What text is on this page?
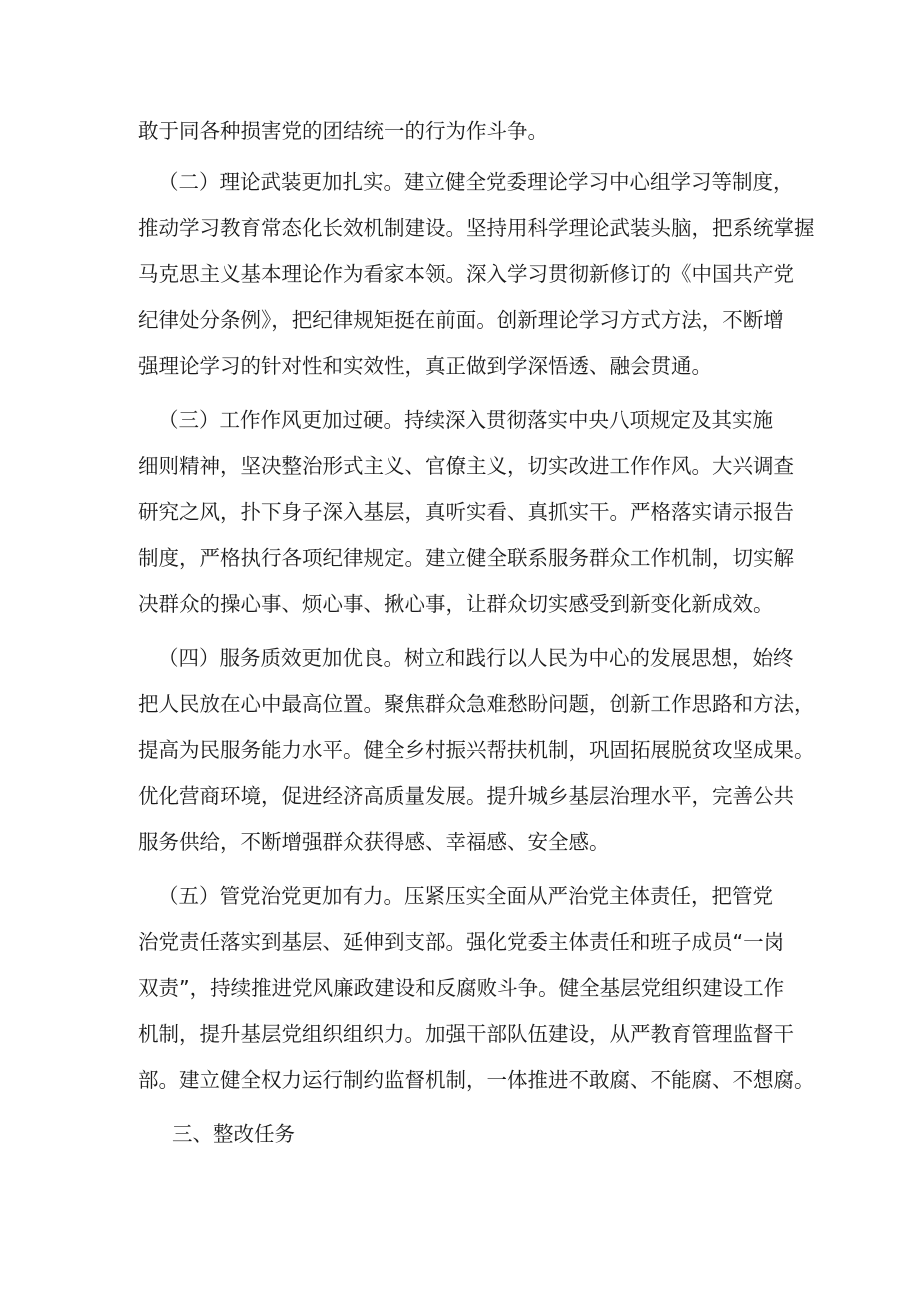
敢于同各种损害党的团结统一的行为作斗争。
（二）理论武装更加扎实。建立健全党委理论学习中心组学习等制度，
推动学习教育常态化长效机制建设。坚持用科学理论武装头脑，把系统掌握
马克思主义基本理论作为看家本领。深入学习贯彻新修订的《中国共产党
纪律处分条例》，把纪律规矩挺在前面。创新理论学习方式方法，不断增
强理论学习的针对性和实效性，真正做到学深悟透、融会贯通。
（三）工作作风更加过硬。持续深入贯彻落实中央八项规定及其实施
细则精神，坚决整治形式主义、官僚主义，切实改进工作作风。大兴调查
研究之风，扑下身子深入基层，真听实看、真抓实干。严格落实请示报告
制度，严格执行各项纪律规定。建立健全联系服务群众工作机制，切实解
决群众的操心事、烦心事、揪心事，让群众切实感受到新变化新成效。
（四）服务质效更加优良。树立和践行以人民为中心的发展思想，始终
把人民放在心中最高位置。聚焦群众急难愁盼问题，创新工作思路和方法，
提高为民服务能力水平。健全乡村振兴帮扶机制，巩固拓展脱贫攻坚成果。
优化营商环境，促进经济高质量发展。提升城乡基层治理水平，完善公共
服务供给，不断增强群众获得感、幸福感、安全感。
（五）管党治党更加有力。压紧压实全面从严治党主体责任，把管党
治党责任落实到基层、延伸到支部。强化党委主体责任和班子成员“一岗
双责”，持续推进党风廉政建设和反腐败斗争。健全基层党组织建设工作
机制，提升基层党组织组织力。加强干部队伍建设，从严教育管理监督干
部。建立健全权力运行制约监督机制，一体推进不敢腐、不能腐、不想腐。
三、整改任务
